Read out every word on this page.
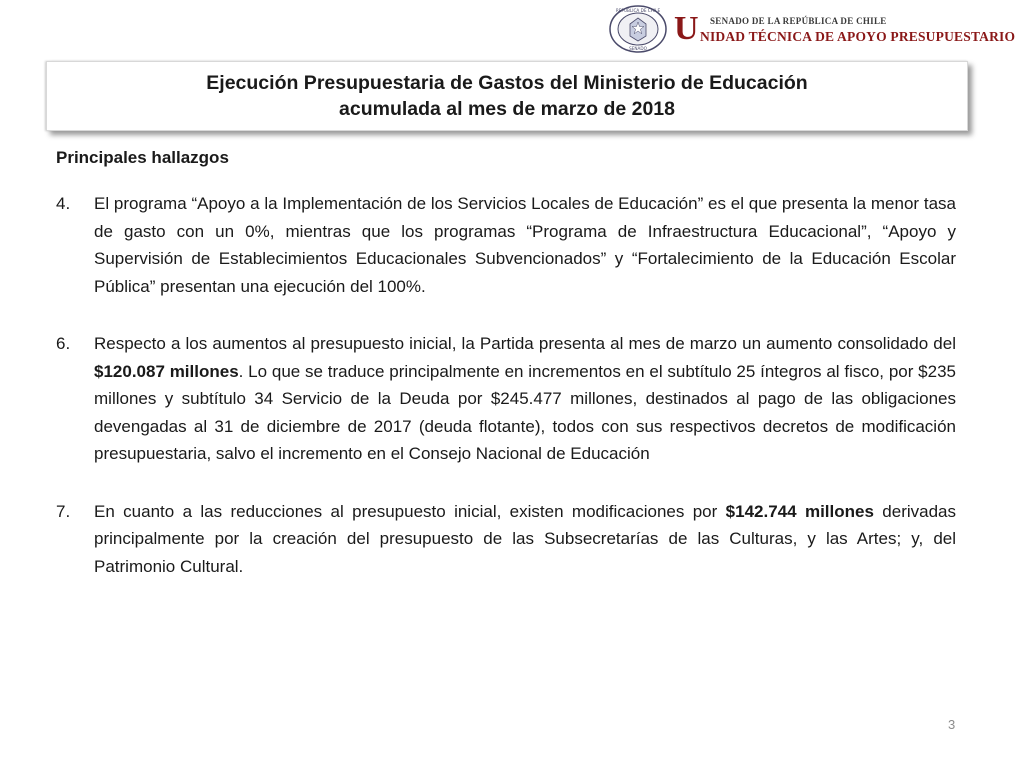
REPÚBLICA DE CHILE
SENADO
U SENADO DE LA REPÚBLICA DE CHILE
NIDAD TÉCNICA DE APOYO PRESUPUESTARIO

Ejecución Presupuestaria de Gastos del Ministerio de Educación

acumulada al mes de marzo de 2018

Principales hallazgos

4. El programa “Apoyo a la Implementación de los Servicios Locales de Educación” es el que presenta la menor tasa de gasto con un 0%, mientras que los programas “Programa de Infraestructura Educacional”, “Apoyo y Supervisión de Establecimientos Educacionales Subvencionados” y “Fortalecimiento de la Educación Escolar Pública” presentan una ejecución del 100%.

6. Respecto a los aumentos al presupuesto inicial, la Partida presenta al mes de marzo un aumento consolidado del $120.087 millones. Lo que se traduce principalmente en incrementos en el subtítulo 25 íntegros al fisco, por $235 millones y subtítulo 34 Servicio de la Deuda por $245.477 millones, destinados al pago de las obligaciones devengadas al 31 de diciembre de 2017 (deuda flotante), todos con sus respectivos decretos de modificación presupuestaria, salvo el incremento en el Consejo Nacional de Educación

7. En cuanto a las reducciones al presupuesto inicial, existen modificaciones por $142.744 millones derivadas principalmente por la creación del presupuesto de las Subsecretarías de las Culturas, y las Artes; y, del Patrimonio Cultural.

3
